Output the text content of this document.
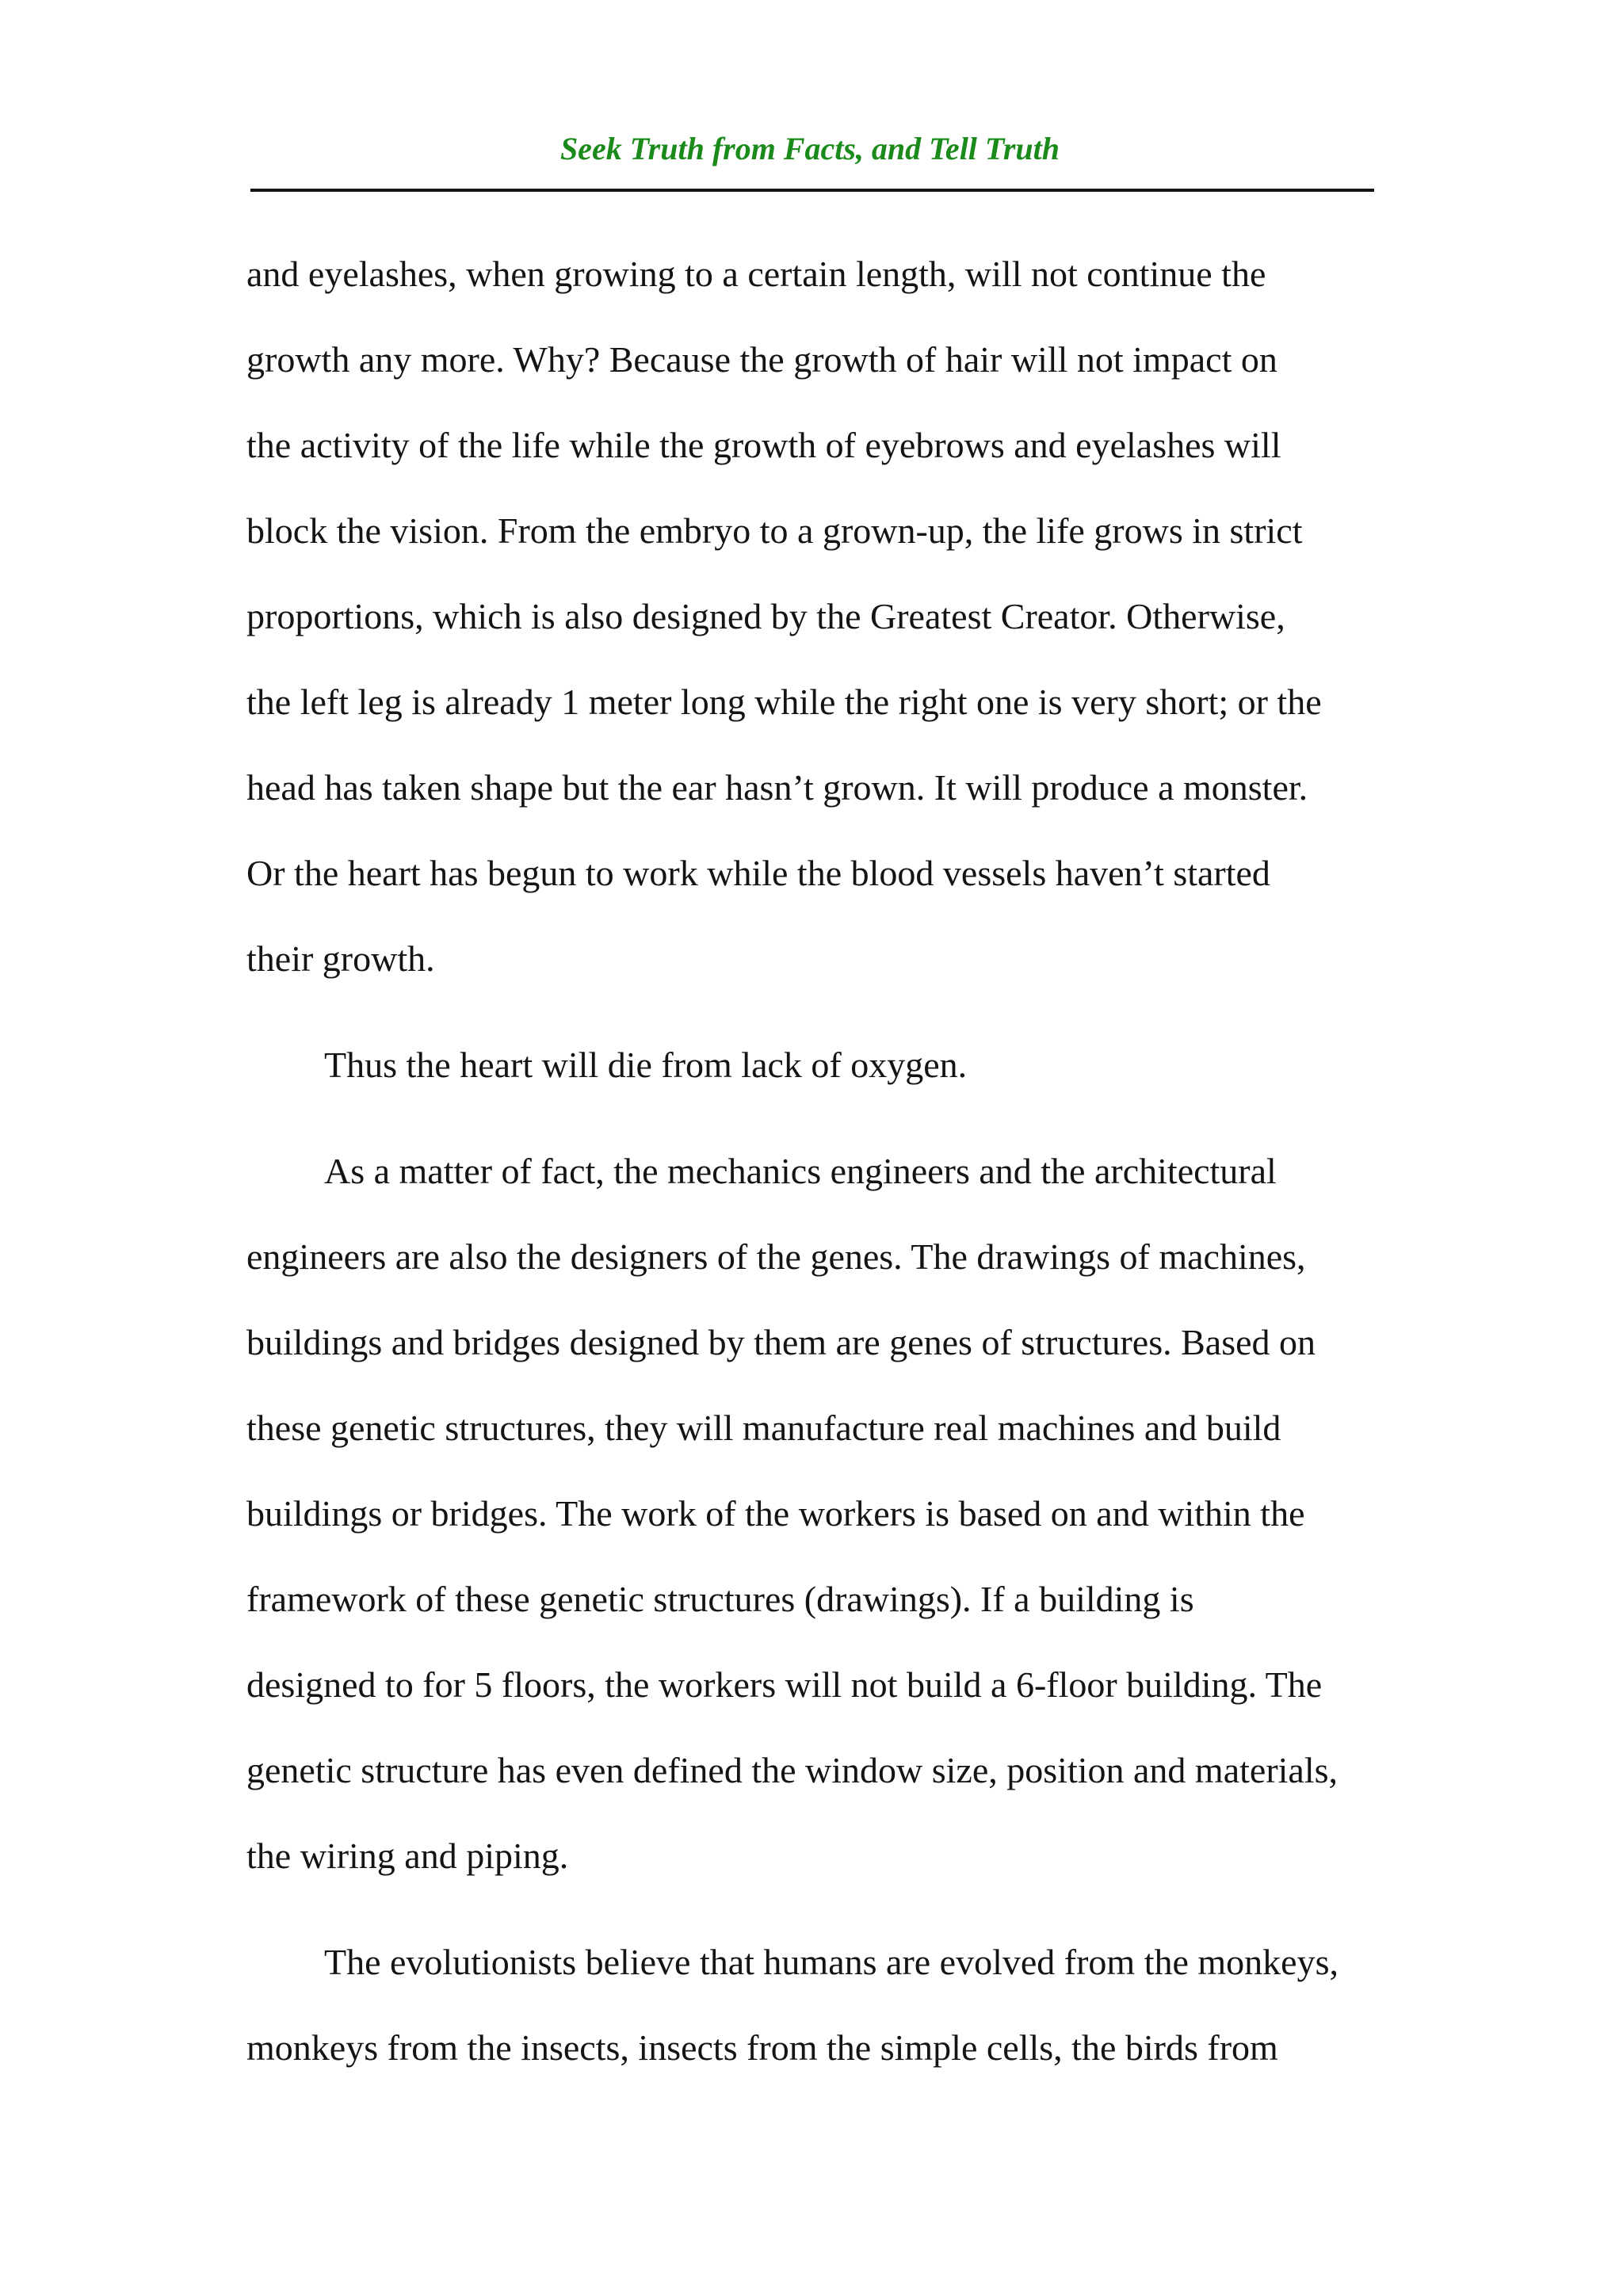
Seek Truth from Facts, and Tell Truth

and eyelashes, when growing to a certain length, will not continue the
growth any more. Why? Because the growth of hair will not impact on
the activity of the life while the growth of eyebrows and eyelashes will
block the vision. From the embryo to a grown-up, the life grows in strict
proportions, which is also designed by the Greatest Creator. Otherwise,
the left leg is already 1 meter long while the right one is very short; or the
head has taken shape but the ear hasn’t grown. It will produce a monster.
Or the heart has begun to work while the blood vessels haven’t started
their growth.

Thus the heart will die from lack of oxygen.

As a matter of fact, the mechanics engineers and the architectural
engineers are also the designers of the genes. The drawings of machines,
buildings and bridges designed by them are genes of structures. Based on
these genetic structures, they will manufacture real machines and build
buildings or bridges. The work of the workers is based on and within the
framework of these genetic structures (drawings). If a building is
designed to for 5 floors, the workers will not build a 6-floor building. The
genetic structure has even defined the window size, position and materials,
the wiring and piping.

The evolutionists believe that humans are evolved from the monkeys,
monkeys from the insects, insects from the simple cells, the birds from
